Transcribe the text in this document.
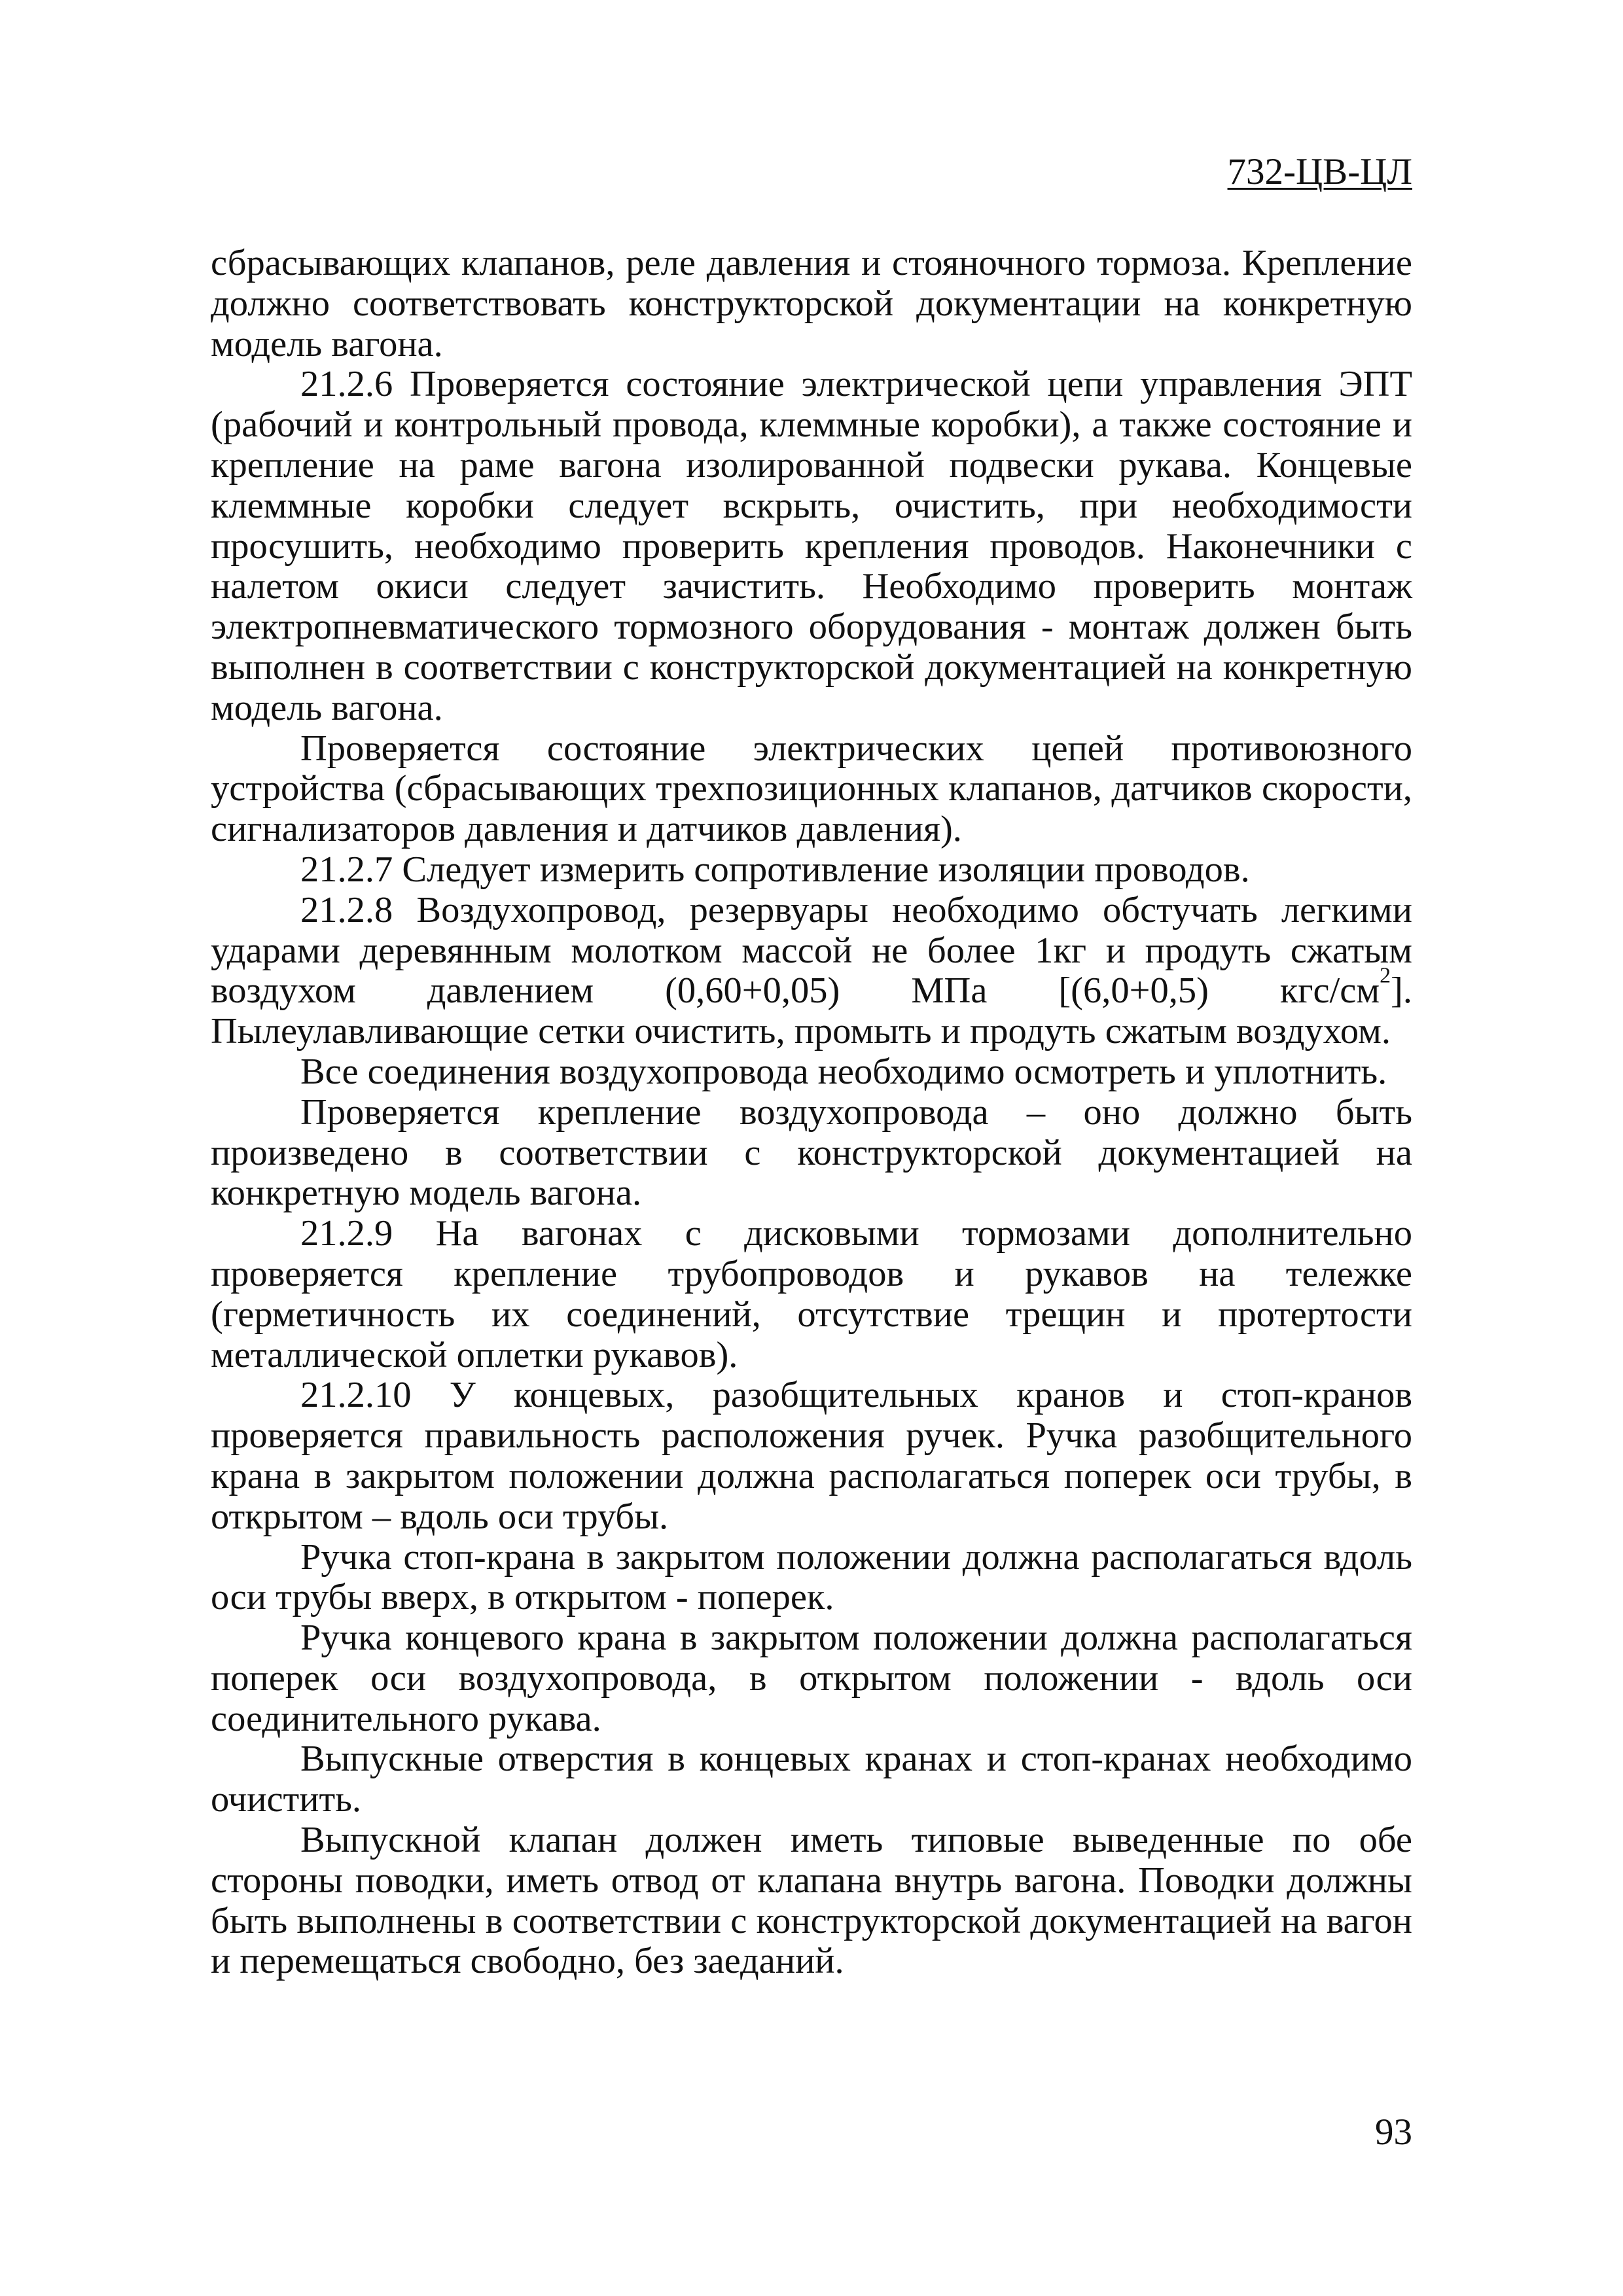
732-ЦВ-ЦЛ

сбрасывающих клапанов, реле давления и стояночного тормоза. Крепление должно соответствовать конструкторской документации на конкретную модель вагона.

21.2.6 Проверяется состояние электрической цепи управления ЭПТ (рабочий и контрольный провода, клеммные коробки), а также состояние и крепление на раме вагона изолированной подвески рукава. Концевые клеммные коробки следует вскрыть, очистить, при необходимости просушить, необходимо проверить крепления проводов. Наконечники с налетом окиси следует зачистить. Необходимо проверить монтаж электропневматического тормозного оборудования - монтаж должен быть выполнен в соответствии с конструкторской документацией на конкретную модель вагона.

Проверяется состояние электрических цепей противоюзного устройства (сбрасывающих трехпозиционных клапанов, датчиков скорости, сигнализаторов давления и датчиков давления).

21.2.7 Следует измерить сопротивление изоляции проводов.

21.2.8 Воздухопровод, резервуары необходимо обстучать легкими ударами деревянным молотком массой не более 1кг и продуть сжатым воздухом давлением (0,60+0,05) МПа [(6,0+0,5) кгс/$см^2$]. Пылеулавливающие сетки очистить, промыть и продуть сжатым воздухом.

Все соединения воздухопровода необходимо осмотреть и уплотнить.

Проверяется крепление воздухопровода – оно должно быть произведено в соответствии с конструкторской документацией на конкретную модель вагона.

21.2.9 На вагонах с дисковыми тормозами дополнительно проверяется крепление трубопроводов и рукавов на тележке (герметичность их соединений, отсутствие трещин и протертости металлической оплетки рукавов).

21.2.10 У концевых, разобщительных кранов и стоп-кранов проверяется правильность расположения ручек. Ручка разобщительного крана в закрытом положении должна располагаться поперек оси трубы, в открытом – вдоль оси трубы.

Ручка стоп-крана в закрытом положении должна располагаться вдоль оси трубы вверх, в открытом - поперек.

Ручка концевого крана в закрытом положении должна располагаться поперек оси воздухопровода, в открытом положении - вдоль оси соединительного рукава.

Выпускные отверстия в концевых кранах и стоп-кранах необходимо очистить.

Выпускной клапан должен иметь типовые выведенные по обе стороны поводки, иметь отвод от клапана внутрь вагона. Поводки должны быть выполнены в соответствии с конструкторской документацией на вагон и перемещаться свободно, без заеданий.

93
